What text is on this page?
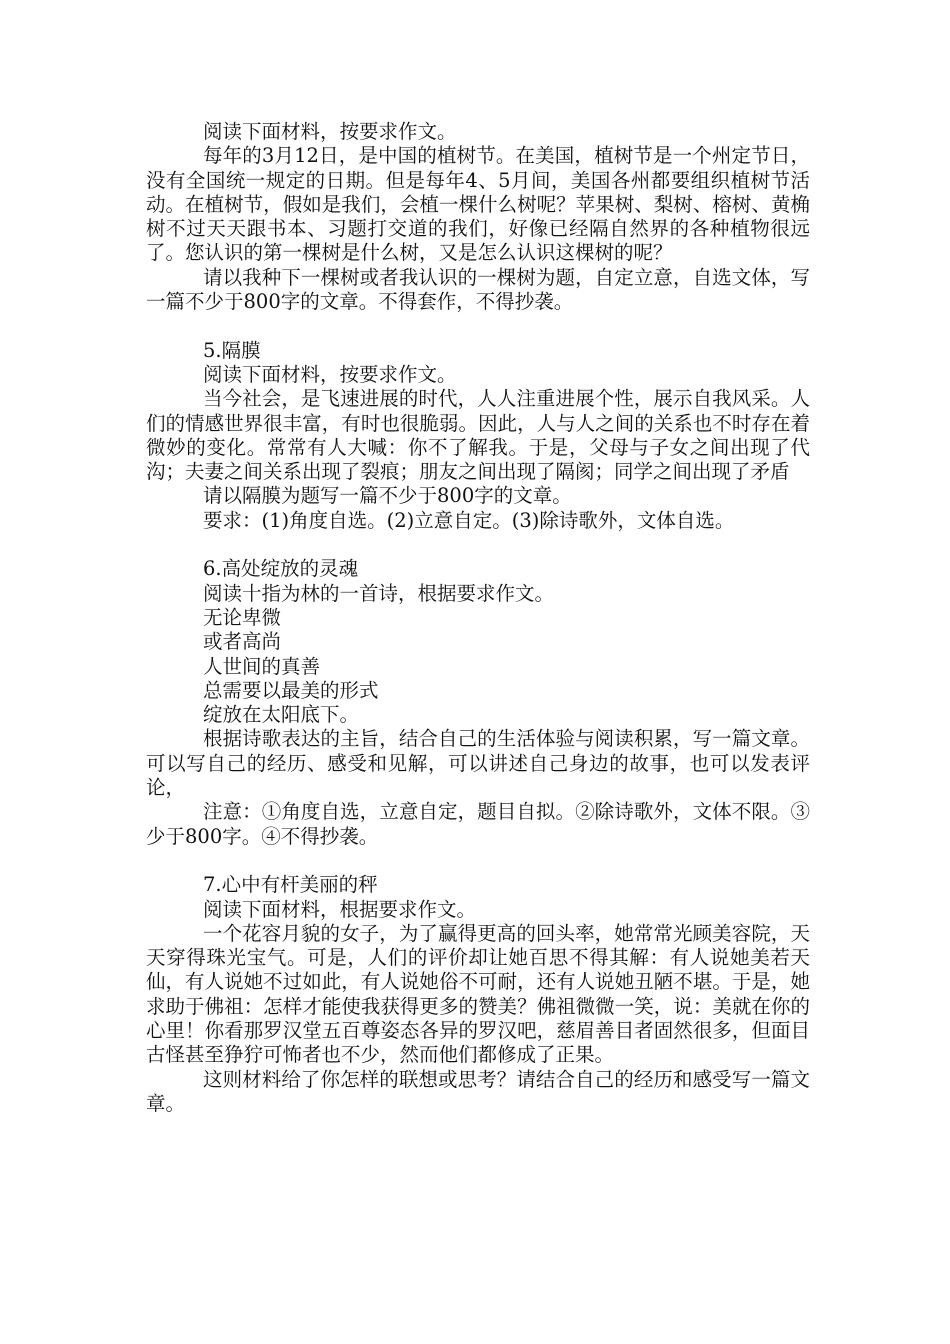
阅读下面材料，按要求作文。

每年的3月12日，是中国的植树节。在美国，植树节是一个州定节日，没有全国统一规定的日期。但是每年4、5月间，美国各州都要组织植树节活动。在植树节，假如是我们，会植一棵什么树呢？苹果树、梨树、榕树、黄桷树不过天天跟书本、习题打交道的我们，好像已经隔自然界的各种植物很远了。您认识的第一棵树是什么树，又是怎么认识这棵树的呢？

请以我种下一棵树或者我认识的一棵树为题，自定立意，自选文体，写一篇不少于800字的文章。不得套作，不得抄袭。

5.隔膜

阅读下面材料，按要求作文。

当今社会，是飞速进展的时代，人人注重进展个性，展示自我风采。人们的情感世界很丰富，有时也很脆弱。因此，人与人之间的关系也不时存在着微妙的变化。常常有人大喊：你不了解我。于是，父母与子女之间出现了代沟；夫妻之间关系出现了裂痕；朋友之间出现了隔阂；同学之间出现了矛盾

请以隔膜为题写一篇不少于800字的文章。

要求：(1)角度自选。(2)立意自定。(3)除诗歌外，文体自选。

6.高处绽放的灵魂

阅读十指为林的一首诗，根据要求作文。

无论卑微

或者高尚

人世间的真善

总需要以最美的形式

绽放在太阳底下。

根据诗歌表达的主旨，结合自己的生活体验与阅读积累，写一篇文章。可以写自己的经历、感受和见解，可以讲述自己身边的故事，也可以发表评论，

注意：①角度自选，立意自定，题目自拟。②除诗歌外，文体不限。③少于800字。④不得抄袭。

7.心中有杆美丽的秤

阅读下面材料，根据要求作文。

一个花容月貌的女子，为了赢得更高的回头率，她常常光顾美容院，天天穿得珠光宝气。可是，人们的评价却让她百思不得其解：有人说她美若天仙，有人说她不过如此，有人说她俗不可耐，还有人说她丑陋不堪。于是，她求助于佛祖：怎样才能使我获得更多的赞美？佛祖微微一笑，说：美就在你的心里！你看那罗汉堂五百尊姿态各异的罗汉吧，慈眉善目者固然很多，但面目古怪甚至狰狞可怖者也不少，然而他们都修成了正果。

这则材料给了你怎样的联想或思考？请结合自己的经历和感受写一篇文章。
